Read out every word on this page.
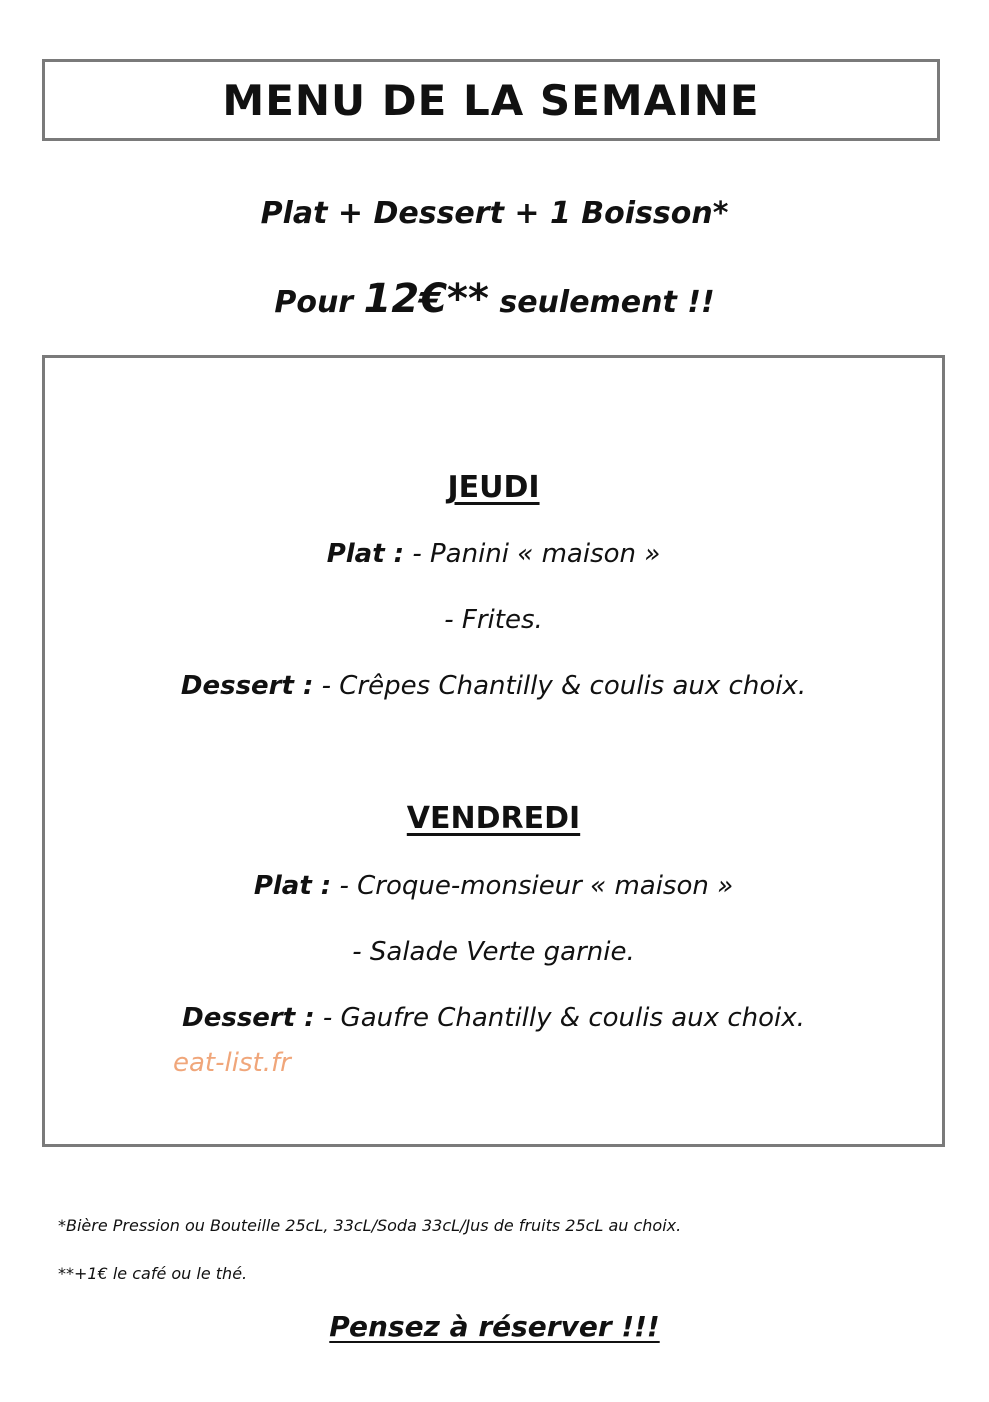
MENU DE LA SEMAINE
Plat + Dessert + 1 Boisson*
Pour 12€** seulement !!
JEUDI
Plat : - Panini « maison »
- Frites.
Dessert : - Crêpes Chantilly & coulis aux choix.
VENDREDI
Plat : - Croque-monsieur « maison »
- Salade Verte garnie.
Dessert : - Gaufre Chantilly & coulis aux choix.
eat-list.fr
*Bière Pression ou Bouteille 25cL, 33cL/Soda 33cL/Jus de fruits 25cL au choix.
**+1€ le café ou le thé.
Pensez à réserver !!!
